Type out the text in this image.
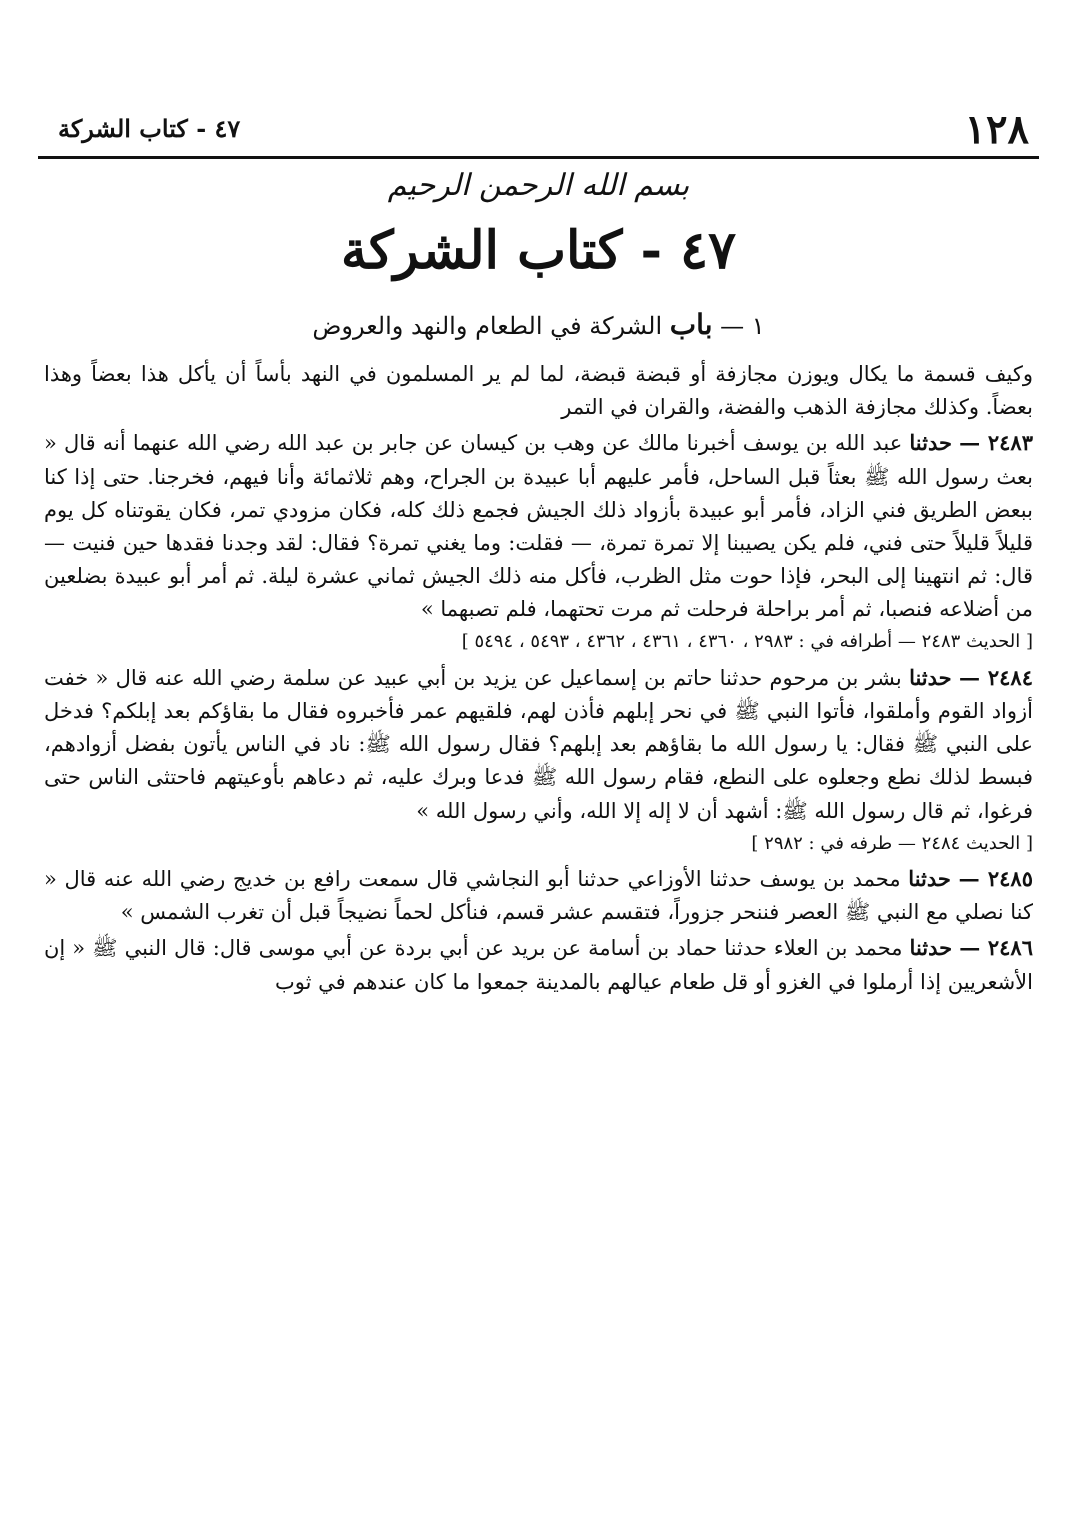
١٢٨
٤٧ - كتاب الشركة
بسم الله الرحمن الرحيم
٤٧ - كتاب الشركة
١ — باب الشركة في الطعام والنهد والعروض

وكيف قسمة ما يكال ويوزن مجازفة أو قبضة قبضة، لما لم ير المسلمون في النهد بأساً أن يأكل هذا بعضاً وهذا بعضاً. وكذلك مجازفة الذهب والفضة، والقران في التمر

٢٤٨٣ — حدثنا عبد الله بن يوسف أخبرنا مالك عن وهب بن كيسان عن جابر بن عبد الله رضي الله عنهما أنه قال « بعث رسول الله ﷺ بعثاً قبل الساحل، فأمر عليهم أبا عبيدة بن الجراح، وهم ثلاثمائة وأنا فيهم، فخرجنا. حتى إذا كنا ببعض الطريق فني الزاد، فأمر أبو عبيدة بأزواد ذلك الجيش فجمع ذلك كله، فكان مزودي تمر، فكان يقوتناه كل يوم قليلاً قليلاً حتى فني، فلم يكن يصيبنا إلا تمرة تمرة، — فقلت: وما يغني تمرة؟ فقال: لقد وجدنا فقدها حين فنيت — قال: ثم انتهينا إلى البحر، فإذا حوت مثل الظرب، فأكل منه ذلك الجيش ثماني عشرة ليلة. ثم أمر أبو عبيدة بضلعين من أضلاعه فنصبا، ثم أمر براحلة فرحلت ثم مرت تحتهما، فلم تصبهما »

[ الحديث ٢٤٨٣ — أطرافه في : ٢٩٨٣ ، ٤٣٦٠ ، ٤٣٦١ ، ٤٣٦٢ ، ٥٤٩٣ ، ٥٤٩٤ ]

٢٤٨٤ — حدثنا بشر بن مرحوم حدثنا حاتم بن إسماعيل عن يزيد بن أبي عبيد عن سلمة رضي الله عنه قال « خفت أزواد القوم وأملقوا، فأتوا النبي ﷺ في نحر إبلهم فأذن لهم، فلقيهم عمر فأخبروه فقال ما بقاؤكم بعد إبلكم؟ فدخل على النبي ﷺ فقال: يا رسول الله ما بقاؤهم بعد إبلهم؟ فقال رسول الله ﷺ: ناد في الناس يأتون بفضل أزوادهم، فبسط لذلك نطع وجعلوه على النطع، فقام رسول الله ﷺ فدعا وبرك عليه، ثم دعاهم بأوعيتهم فاحتثى الناس حتى فرغوا، ثم قال رسول الله ﷺ: أشهد أن لا إله إلا الله، وأني رسول الله »

[ الحديث ٢٤٨٤ — طرفه في : ٢٩٨٢ ]

٢٤٨٥ — حدثنا محمد بن يوسف حدثنا الأوزاعي حدثنا أبو النجاشي قال سمعت رافع بن خديج رضي الله عنه قال « كنا نصلي مع النبي ﷺ العصر فننحر جزوراً، فتقسم عشر قسم، فنأكل لحماً نضيجاً قبل أن تغرب الشمس »

٢٤٨٦ — حدثنا محمد بن العلاء حدثنا حماد بن أسامة عن بريد عن أبي بردة عن أبي موسى قال: قال النبي ﷺ « إن الأشعريين إذا أرملوا في الغزو أو قل طعام عيالهم بالمدينة جمعوا ما كان عندهم في ثوب
